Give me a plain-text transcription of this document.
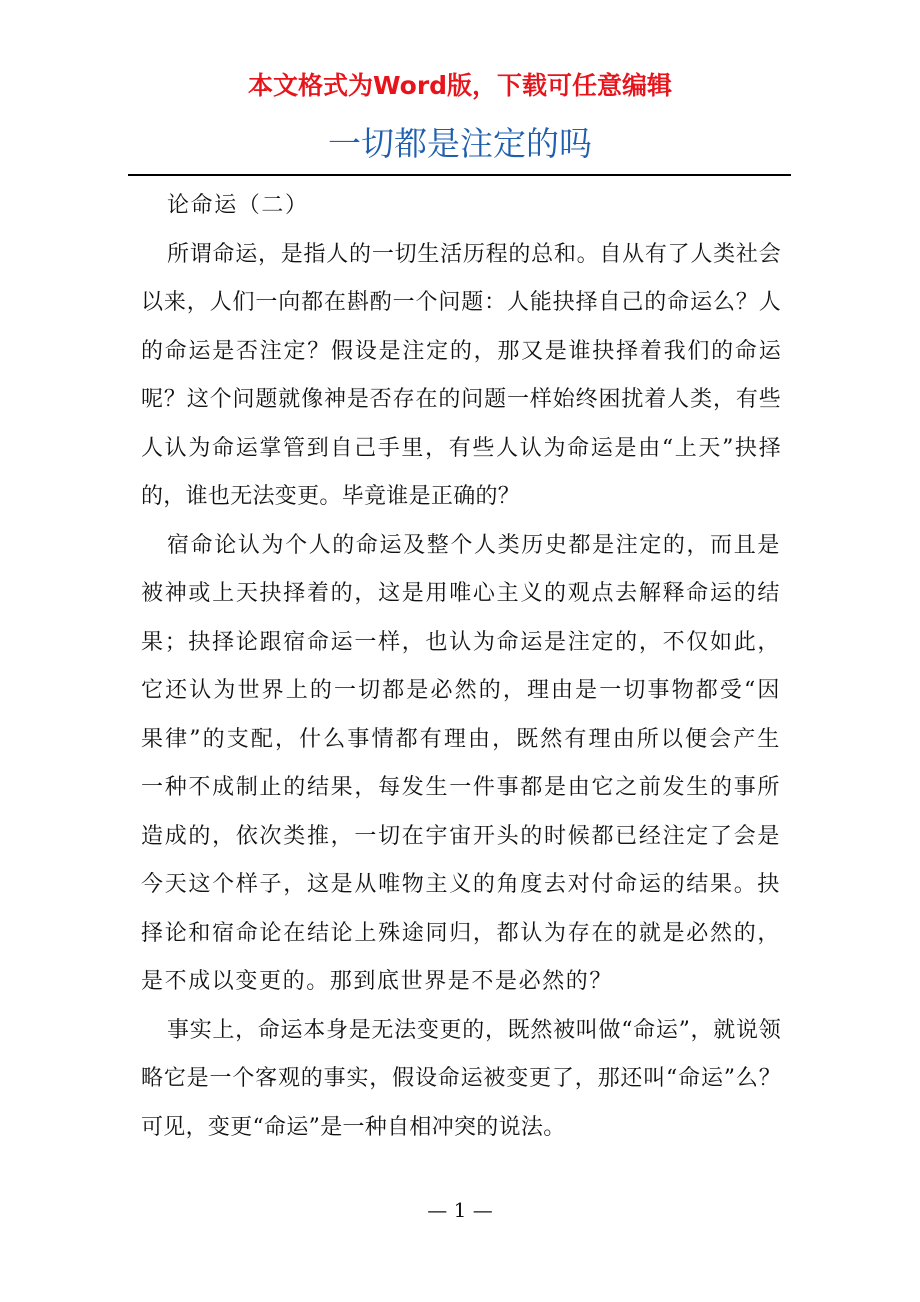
本文格式为Word版，下载可任意编辑
一切都是注定的吗

论命运（二）

所谓命运，是指人的一切生活历程的总和。自从有了人类社会以来，人们一向都在斟酌一个问题：人能抉择自己的命运么？人的命运是否注定？假设是注定的，那又是谁抉择着我们的命运呢？这个问题就像神是否存在的问题一样始终困扰着人类，有些人认为命运掌管到自己手里，有些人认为命运是由“上天”抉择的，谁也无法变更。毕竟谁是正确的？

宿命论认为个人的命运及整个人类历史都是注定的，而且是被神或上天抉择着的，这是用唯心主义的观点去解释命运的结果；抉择论跟宿命运一样，也认为命运是注定的，不仅如此，它还认为世界上的一切都是必然的，理由是一切事物都受“因果律”的支配，什么事情都有理由，既然有理由所以便会产生一种不成制止的结果，每发生一件事都是由它之前发生的事所造成的，依次类推，一切在宇宙开头的时候都已经注定了会是今天这个样子，这是从唯物主义的角度去对付命运的结果。抉择论和宿命论在结论上殊途同归，都认为存在的就是必然的，是不成以变更的。那到底世界是不是必然的？

事实上，命运本身是无法变更的，既然被叫做“命运”，就说领略它是一个客观的事实，假设命运被变更了，那还叫“命运”么？可见，变更“命运”是一种自相冲突的说法。

— 1 —
